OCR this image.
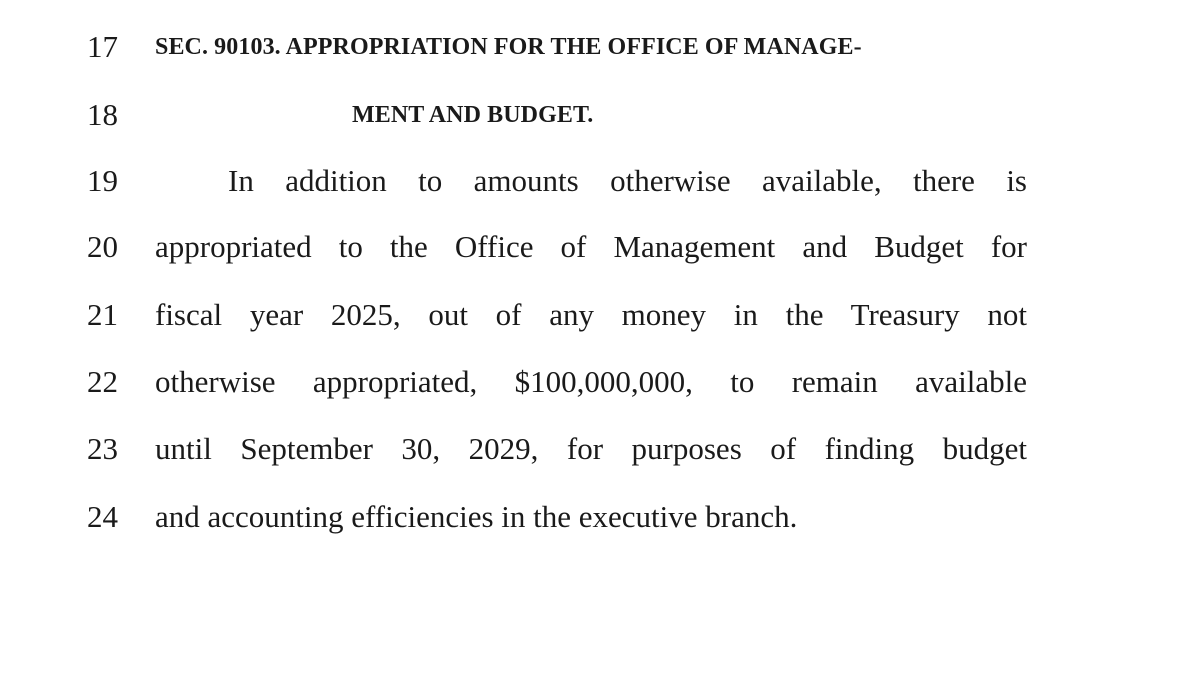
17 SEC. 90103. APPROPRIATION FOR THE OFFICE OF MANAGE-
18	MENT AND BUDGET.
19	In addition to amounts otherwise available, there is
20 appropriated to the Office of Management and Budget for
21 fiscal year 2025, out of any money in the Treasury not
22 otherwise appropriated, $100,000,000, to remain available
23 until September 30, 2029, for purposes of finding budget
24 and accounting efficiencies in the executive branch.
